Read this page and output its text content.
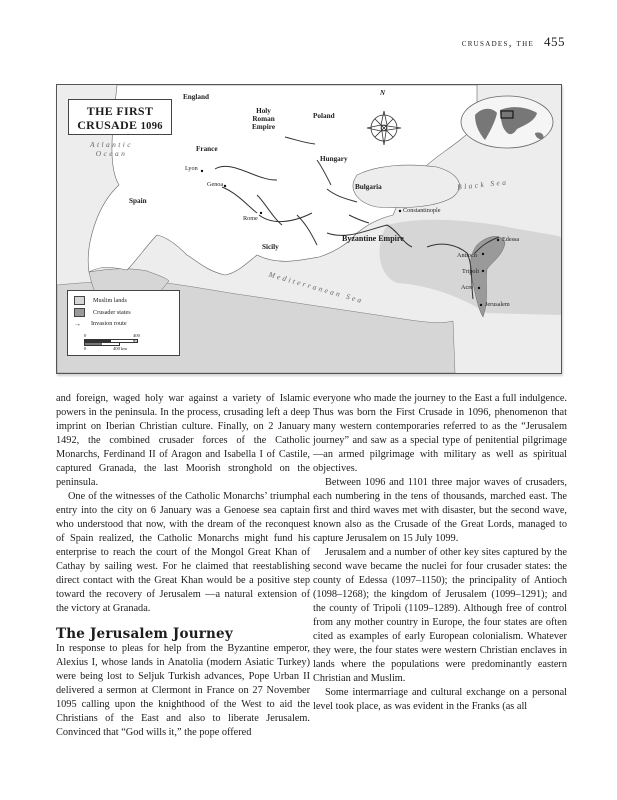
crusades, the 455
THE FIRST
CRUSADE 1096
England
Holy
Roman
Empire
Poland
France
Hungary
Bulgaria
Spain
Sicily
Byzantine Empire
Atlantic
Ocean
Black Sea
Mediterranean Sea
Lyon
Genoa
Rome
Constantinople
Edessa
Antioch
Tripoli
Acre
Jerusalem
N
Muslim lands
Crusader states
→	Invasion route
0	400 mi
0	400 km

and foreign, waged holy war against a variety of Islamic powers in the peninsula. In the process, crusading left a deep imprint on Iberian Christian culture. Finally, on 2 January 1492, the combined crusader forces of the Catholic Monarchs, Ferdinand II of Aragon and Isabella I of Castile, captured Granada, the last Moorish stronghold on the peninsula.

One of the witnesses of the Catholic Monarchs’ triumphal entry into the city on 6 January was a Genoese sea captain who understood that now, with the dream of the reconquest of Spain realized, the Catholic Monarchs might fund his enterprise to reach the court of the Mongol Great Khan of Cathay by sailing west. For he claimed that reestablishing direct contact with the Great Khan would be a positive step toward the recovery of Jerusalem —a natural extension of the victory at Granada.

The Jerusalem Journey

In response to pleas for help from the Byzantine emperor, Alexius I, whose lands in Anatolia (modern Asiatic Turkey) were being lost to Seljuk Turkish advances, Pope Urban II delivered a sermon at Clermont in France on 27 November 1095 calling upon the knighthood of the West to aid the Christians of the East and also to liberate Jerusalem. Convinced that “God wills it,” the pope offered

everyone who made the journey to the East a full indulgence. Thus was born the First Crusade in 1096, phenomenon that many western contemporaries referred to as the “Jerusalem journey” and saw as a special type of penitential pilgrimage—an armed pilgrimage with military as well as spiritual objectives.

Between 1096 and 1101 three major waves of crusaders, each numbering in the tens of thousands, marched east. The first and third waves met with disaster, but the second wave, known also as the Crusade of the Great Lords, managed to capture Jerusalem on 15 July 1099.

Jerusalem and a number of other key sites captured by the second wave became the nuclei for four crusader states: the county of Edessa (1097–1150); the principality of Antioch (1098–1268); the kingdom of Jerusalem (1099–1291); and the county of Tripoli (1109–1289). Although free of control from any mother country in Europe, the four states are often cited as examples of early European colonialism. Whatever they were, the four states were western Christian enclaves in lands where the populations were predominantly eastern Christian and Muslim.

Some intermarriage and cultural exchange on a personal level took place, as was evident in the Franks (as all
